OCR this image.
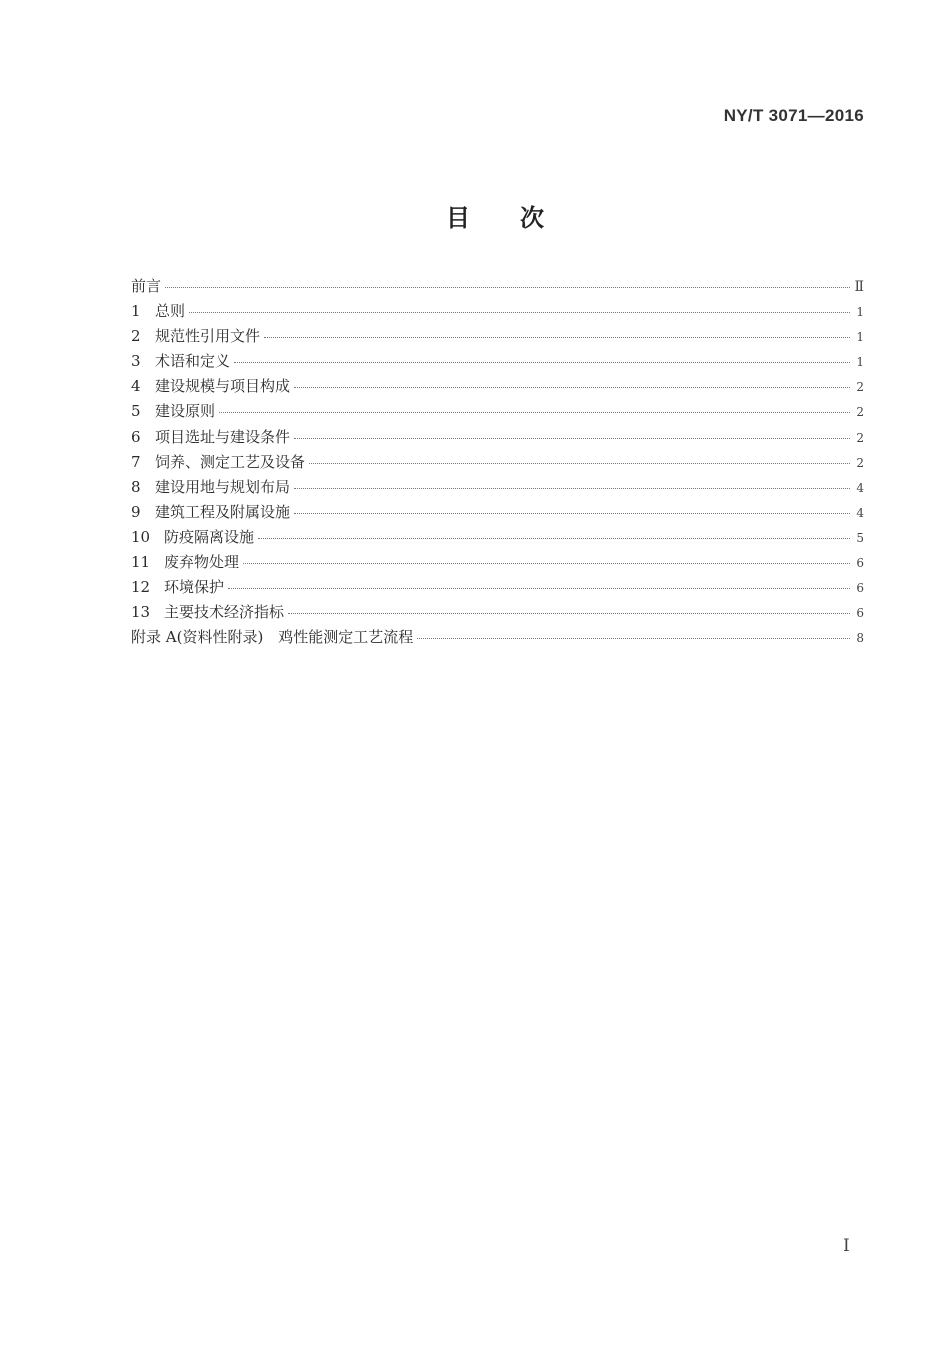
NY/T 3071—2016
目 次
前言	Ⅱ
1 总则	1
2 规范性引用文件	1
3 术语和定义	1
4 建设规模与项目构成	2
5 建设原则	2
6 项目选址与建设条件	2
7 饲养、测定工艺及设备	2
8 建设用地与规划布局	4
9 建筑工程及附属设施	4
10 防疫隔离设施	5
11 废弃物处理	6
12 环境保护	6
13 主要技术经济指标	6
附录 A(资料性附录)　鸡性能测定工艺流程	8
I
